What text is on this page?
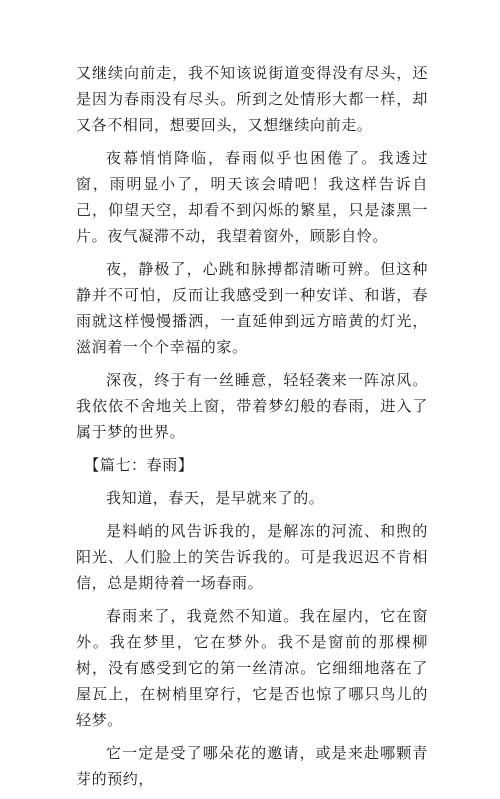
又继续向前走，我不知该说街道变得没有尽头，还是因为春雨没有尽头。所到之处情形大都一样，却又各不相同，想要回头，又想继续向前走。

夜幕悄悄降临，春雨似乎也困倦了。我透过窗，雨明显小了，明天该会晴吧！我这样告诉自己，仰望天空，却看不到闪烁的繁星，只是漆黑一片。夜气凝滞不动，我望着窗外，顾影自怜。

夜，静极了，心跳和脉搏都清晰可辨。但这种静并不可怕，反而让我感受到一种安详、和谐，春雨就这样慢慢播洒，一直延伸到远方暗黄的灯光，滋润着一个个幸福的家。

深夜，终于有一丝睡意，轻轻袭来一阵凉风。我依依不舍地关上窗，带着梦幻般的春雨，进入了属于梦的世界。

【篇七：春雨】

我知道，春天，是早就来了的。

是料峭的风告诉我的，是解冻的河流、和煦的阳光、人们脸上的笑告诉我的。可是我迟迟不肯相信，总是期待着一场春雨。

春雨来了，我竟然不知道。我在屋内，它在窗外。我在梦里，它在梦外。我不是窗前的那棵柳树，没有感受到它的第一丝清凉。它细细地落在了屋瓦上，在树梢里穿行，它是否也惊了哪只鸟儿的轻梦。

它一定是受了哪朵花的邀请，或是来赴哪颗青芽的预约，
